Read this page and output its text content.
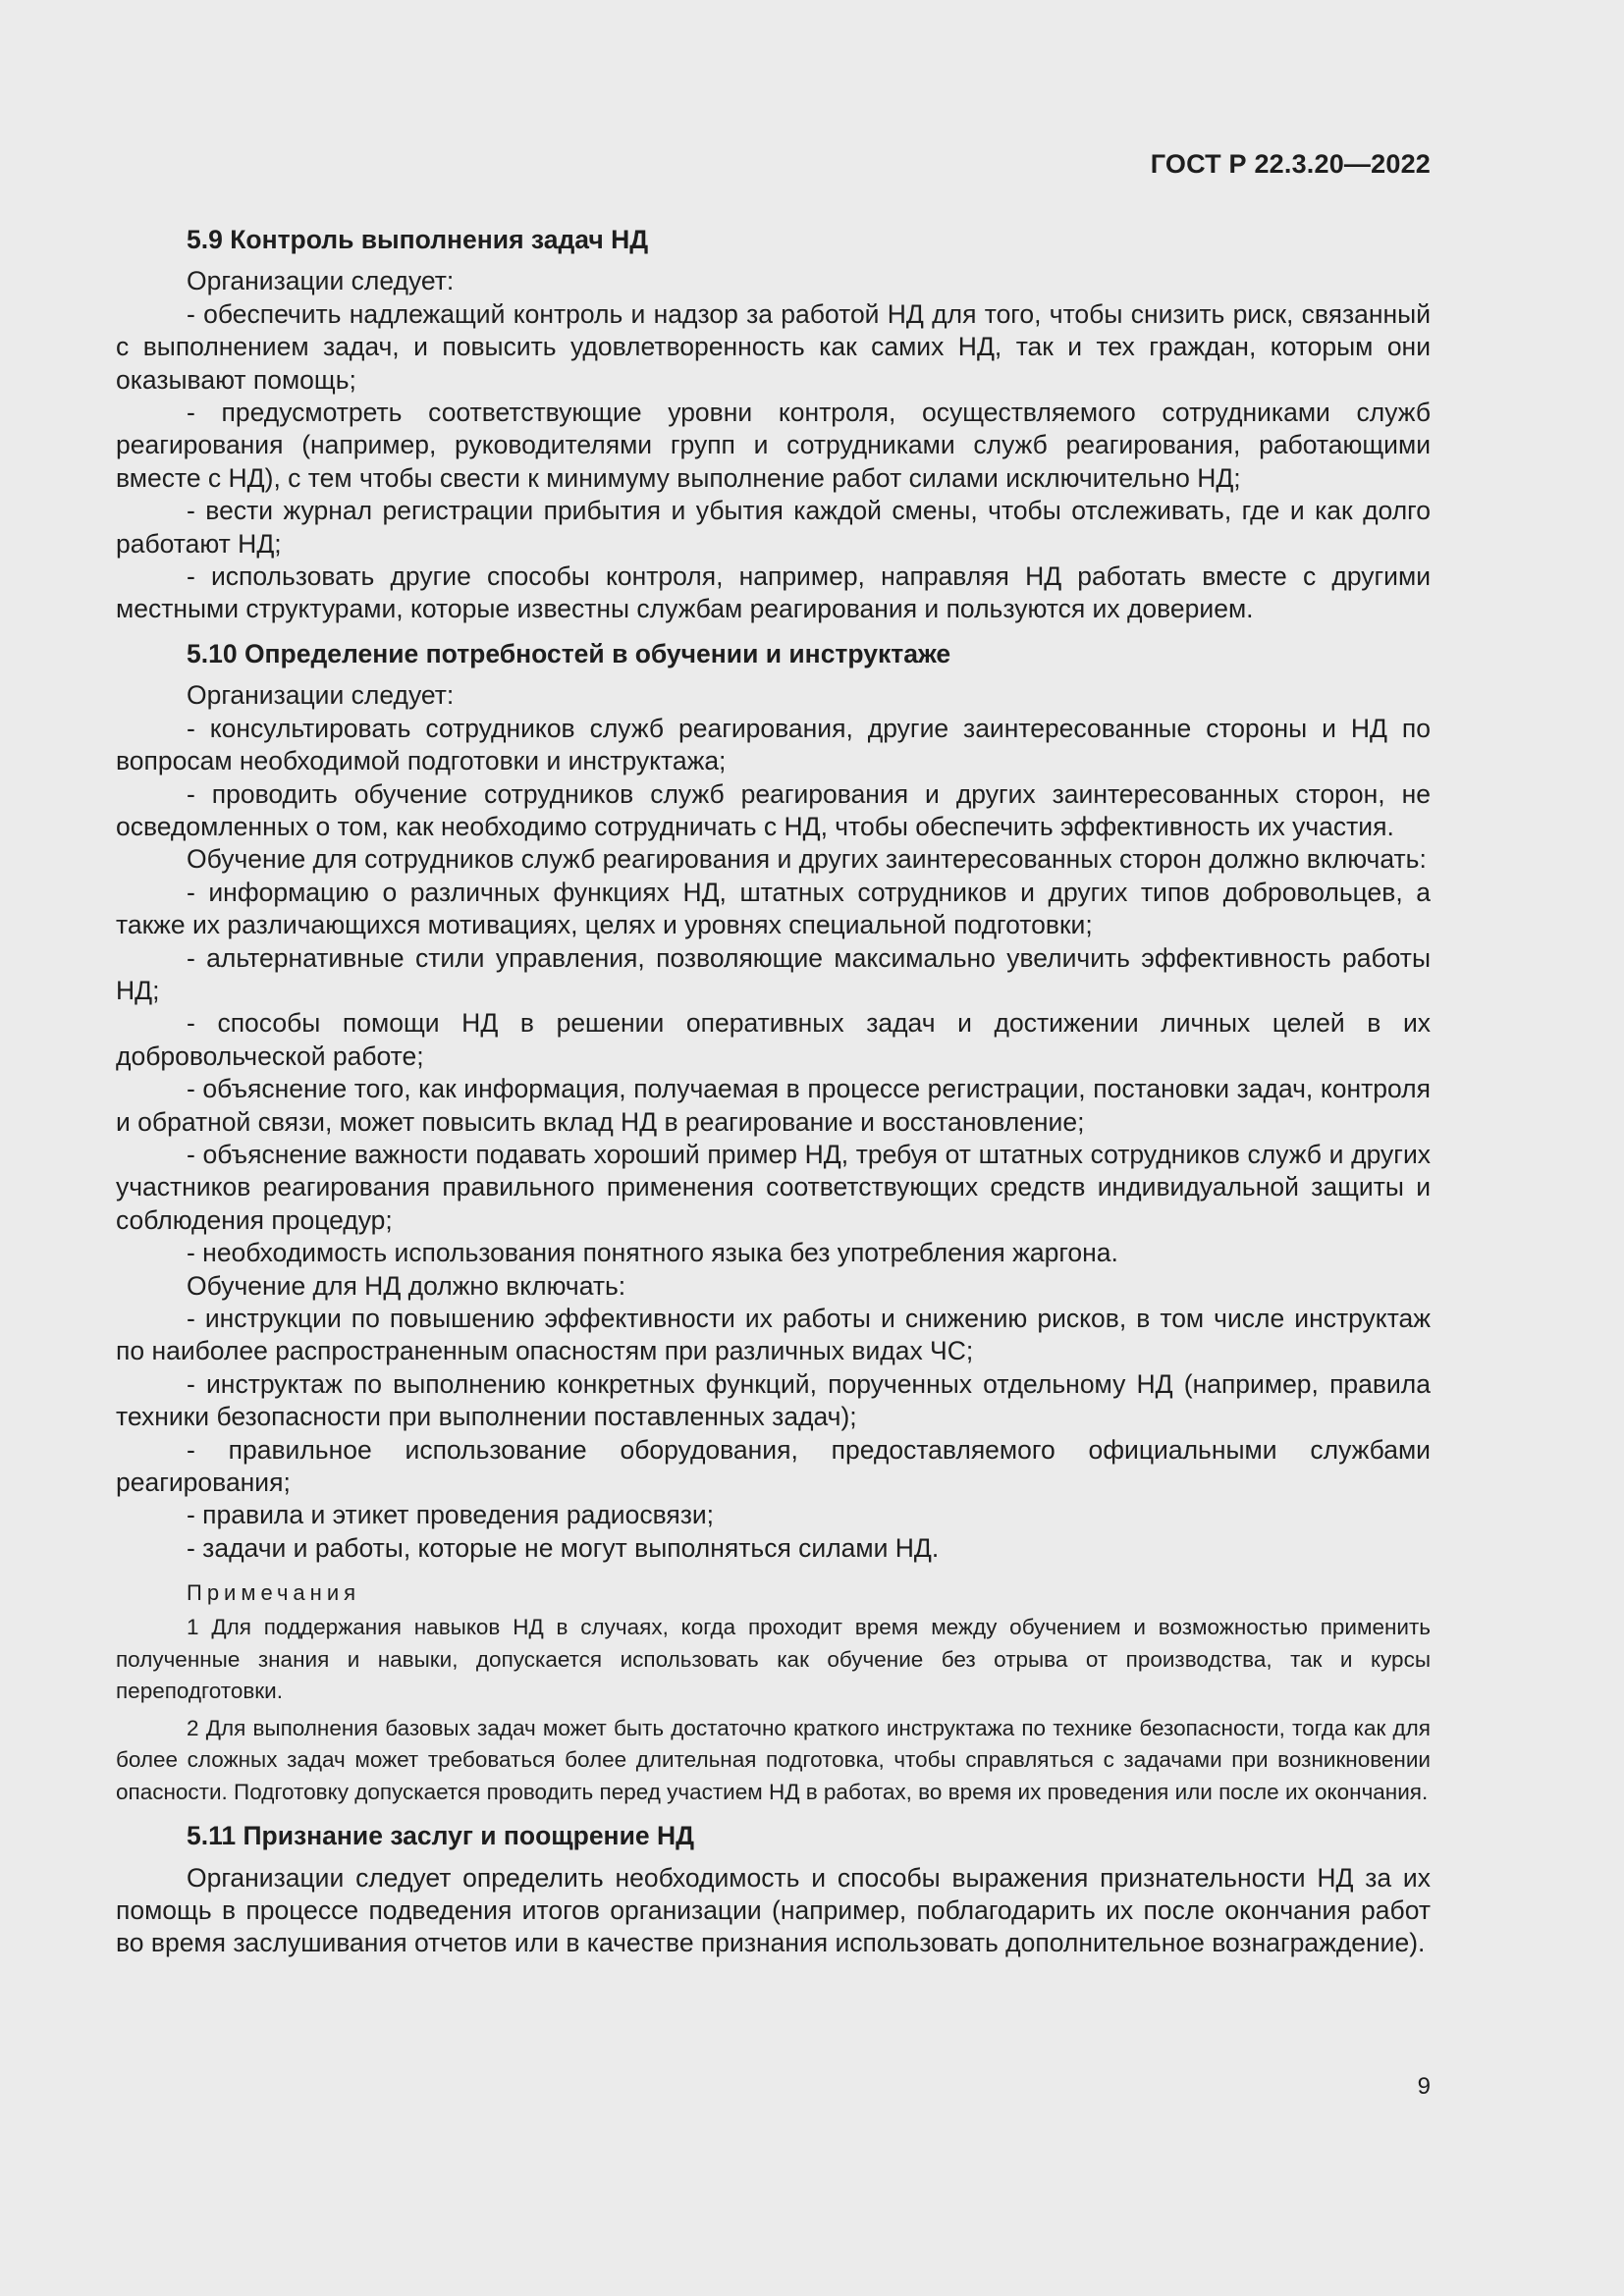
ГОСТ Р 22.3.20—2022
5.9 Контроль выполнения задач НД

Организации следует:

- обеспечить надлежащий контроль и надзор за работой НД для того, чтобы снизить риск, связанный с выполнением задач, и повысить удовлетворенность как самих НД, так и тех граждан, которым они оказывают помощь;

- предусмотреть соответствующие уровни контроля, осуществляемого сотрудниками служб реагирования (например, руководителями групп и сотрудниками служб реагирования, работающими вместе с НД), с тем чтобы свести к минимуму выполнение работ силами исключительно НД;

- вести журнал регистрации прибытия и убытия каждой смены, чтобы отслеживать, где и как долго работают НД;

- использовать другие способы контроля, например, направляя НД работать вместе с другими местными структурами, которые известны службам реагирования и пользуются их доверием.

5.10 Определение потребностей в обучении и инструктаже

Организации следует:

- консультировать сотрудников служб реагирования, другие заинтересованные стороны и НД по вопросам необходимой подготовки и инструктажа;

- проводить обучение сотрудников служб реагирования и других заинтересованных сторон, не осведомленных о том, как необходимо сотрудничать с НД, чтобы обеспечить эффективность их участия.

Обучение для сотрудников служб реагирования и других заинтересованных сторон должно включать:

- информацию о различных функциях НД, штатных сотрудников и других типов добровольцев, а также их различающихся мотивациях, целях и уровнях специальной подготовки;

- альтернативные стили управления, позволяющие максимально увеличить эффективность работы НД;

- способы помощи НД в решении оперативных задач и достижении личных целей в их добровольческой работе;

- объяснение того, как информация, получаемая в процессе регистрации, постановки задач, контроля и обратной связи, может повысить вклад НД в реагирование и восстановление;

- объяснение важности подавать хороший пример НД, требуя от штатных сотрудников служб и других участников реагирования правильного применения соответствующих средств индивидуальной защиты и соблюдения процедур;

- необходимость использования понятного языка без употребления жаргона.

Обучение для НД должно включать:

- инструкции по повышению эффективности их работы и снижению рисков, в том числе инструктаж по наиболее распространенным опасностям при различных видах ЧС;

- инструктаж по выполнению конкретных функций, порученных отдельному НД (например, правила техники безопасности при выполнении поставленных задач);

- правильное использование оборудования, предоставляемого официальными службами реагирования;

- правила и этикет проведения радиосвязи;

- задачи и работы, которые не могут выполняться силами НД.

Примечания

1 Для поддержания навыков НД в случаях, когда проходит время между обучением и возможностью применить полученные знания и навыки, допускается использовать как обучение без отрыва от производства, так и курсы переподготовки.

2 Для выполнения базовых задач может быть достаточно краткого инструктажа по технике безопасности, тогда как для более сложных задач может требоваться более длительная подготовка, чтобы справляться с задачами при возникновении опасности. Подготовку допускается проводить перед участием НД в работах, во время их проведения или после их окончания.

5.11 Признание заслуг и поощрение НД

Организации следует определить необходимость и способы выражения признательности НД за их помощь в процессе подведения итогов организации (например, поблагодарить их после окончания работ во время заслушивания отчетов или в качестве признания использовать дополнительное вознаграждение).

9
